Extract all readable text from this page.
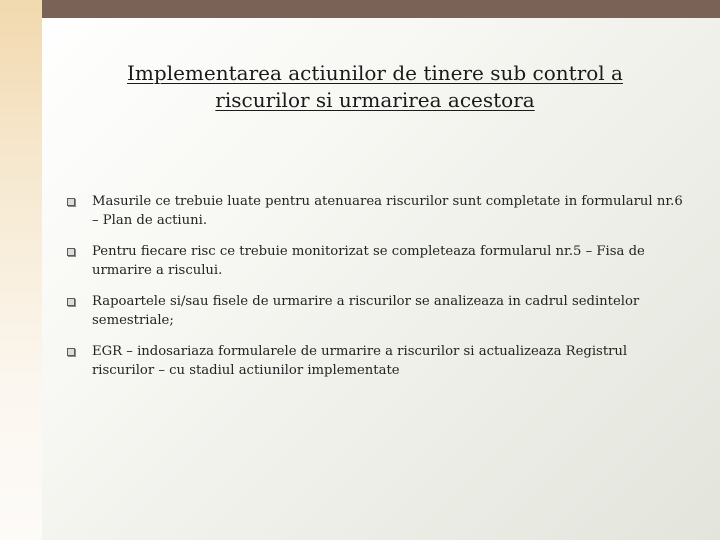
Implementarea actiunilor de tinere sub control a
riscurilor si urmarirea acestora
Masurile ce trebuie luate pentru atenuarea riscurilor sunt completate in formularul nr.6 – Plan de actiuni.
Pentru fiecare risc ce trebuie monitorizat se completeaza formularul nr.5 – Fisa de urmarire a riscului.
Rapoartele si/sau fisele de urmarire a riscurilor se analizeaza in cadrul sedintelor semestriale;
EGR – indosariaza formularele de urmarire a riscurilor si actualizeaza Registrul riscurilor – cu stadiul actiunilor implementate
